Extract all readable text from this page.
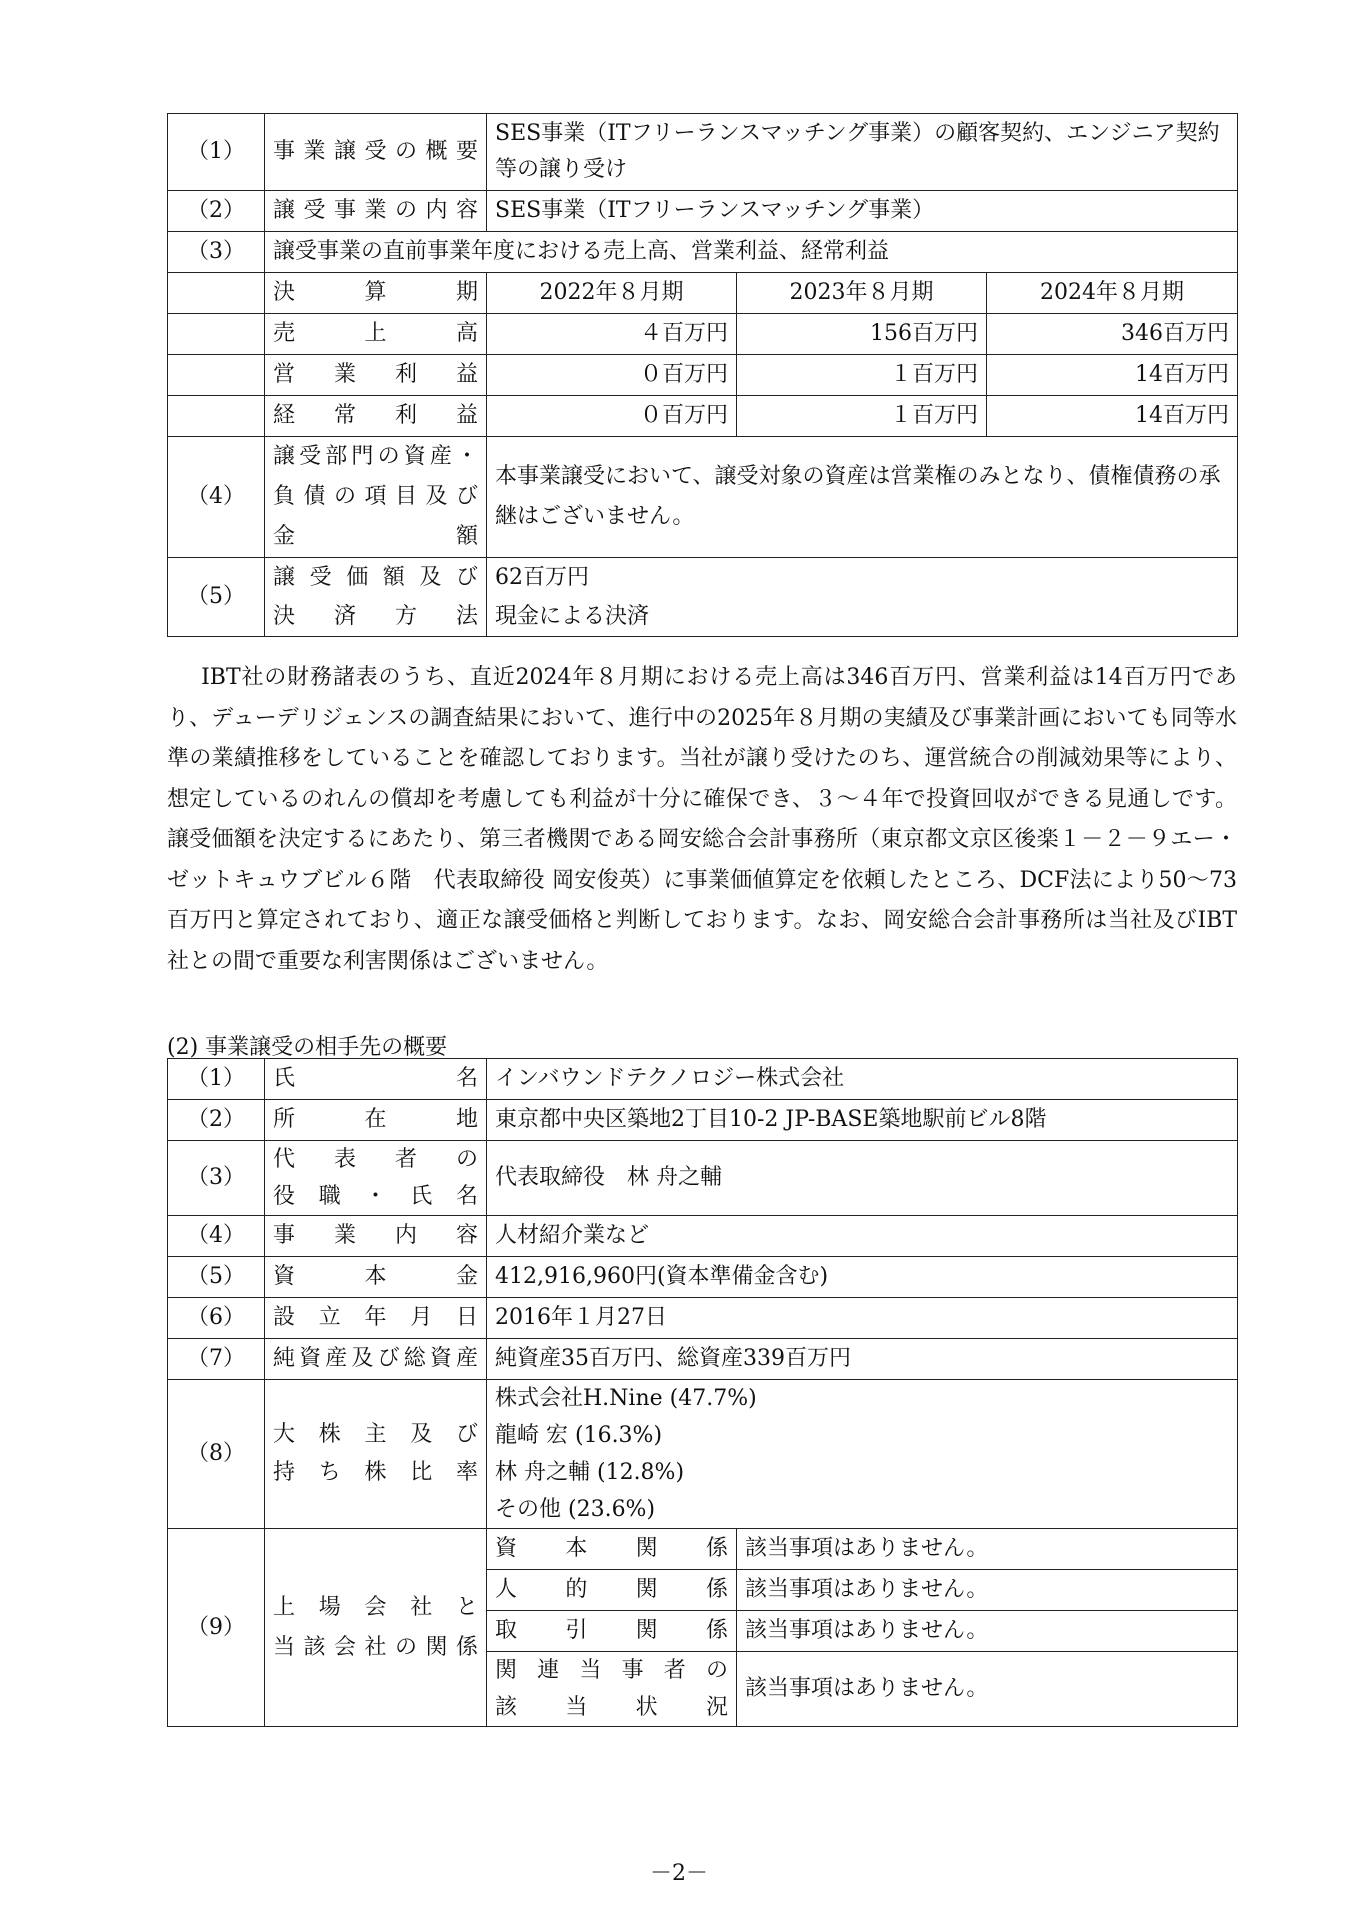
（1）	事業譲受の概要	SES事業（ITフリーランスマッチング事業）の顧客契約、エンジニア契約等の譲り受け		
（2）	譲受事業の内容	SES事業（ITフリーランスマッチング事業）		
（3）	譲受事業の直前事業年度における売上高、営業利益、経常利益			

	決算期	2022年８月期	2023年８月期	2024年８月期

	売上高	４百万円	156百万円	346百万円

	営業利益	０百万円	１百万円	14百万円

	経常利益	０百万円	１百万円	14百万円
（4）	譲受部門の資産・
負債の項目及び
金額	本事業譲受において、譲受対象の資産は営業権のみとなり、債権債務の承継はございません。		
（5）	譲受価額及び
決済方法	62百万円
現金による決済		

IBT社の財務諸表のうち、直近2024年８月期における売上高は346百万円、営業利益は14百万円であり、デューデリジェンスの調査結果において、進行中の2025年８月期の実績及び事業計画においても同等水準の業績推移をしていることを確認しております。当社が譲り受けたのち、運営統合の削減効果等により、想定しているのれんの償却を考慮しても利益が十分に確保でき、３～４年で投資回収ができる見通しです。譲受価額を決定するにあたり、第三者機関である岡安総合会計事務所（東京都文京区後楽１－２－９エー・ゼットキュウブビル６階　代表取締役 岡安俊英）に事業価値算定を依頼したところ、DCF法により50～73百万円と算定されており、適正な譲受価格と判断しております。なお、岡安総合会計事務所は当社及びIBT社との間で重要な利害関係はございません。

(2) 事業譲受の相手先の概要
（1）	氏名	インバウンドテクノロジー株式会社	
（2）	所在地	東京都中央区築地2丁目10-2 JP-BASE築地駅前ビル8階	
（3）	代表者の
役職・氏名	代表取締役　林 舟之輔	
（4）	事業内容	人材紹介業など	
（5）	資本金	412,916,960円(資本準備金含む)	
（6）	設立年月日	2016年１月27日	
（7）	純資産及び総資産	純資産35百万円、総資産339百万円	
（8）	大株主及び
持ち株比率	株式会社H.Nine (47.7%)
龍崎 宏 (16.3%)
林 舟之輔 (12.8%)
その他 (23.6%)	

（9）	上場会社と
当該会社の関係	資本関係	該当事項はありません。

		人的関係	該当事項はありません。

		取引関係	該当事項はありません。

		関連当事者の
該当状況	該当事項はありません。
－2－
